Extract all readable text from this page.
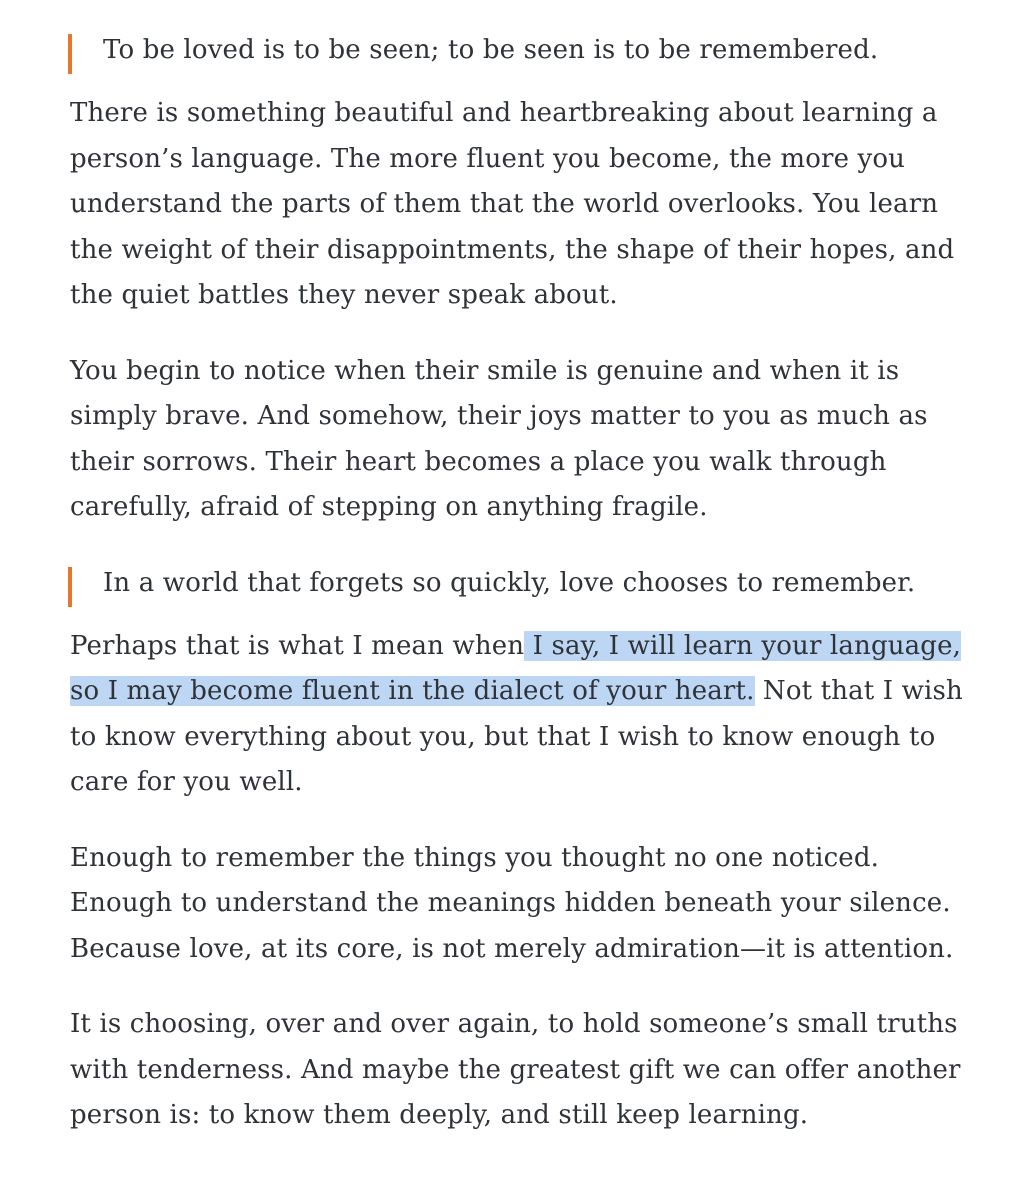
To be loved is to be seen; to be seen is to be remembered.

There is something beautiful and heartbreaking about learning a person’s language. The more fluent you become, the more you understand the parts of them that the world overlooks. You learn the weight of their disappointments, the shape of their hopes, and the quiet battles they never speak about.

You begin to notice when their smile is genuine and when it is simply brave. And somehow, their joys matter to you as much as their sorrows. Their heart becomes a place you walk through carefully, afraid of stepping on anything fragile.

In a world that forgets so quickly, love chooses to remember.

Perhaps that is what I mean when I say, I will learn your language, so I may become fluent in the dialect of your heart. Not that I wish to know everything about you, but that I wish to know enough to care for you well.

Enough to remember the things you thought no one noticed. Enough to understand the meanings hidden beneath your silence. Because love, at its core, is not merely admiration—it is attention.

It is choosing, over and over again, to hold someone’s small truths with tenderness. And maybe the greatest gift we can offer another person is: to know them deeply, and still keep learning.
